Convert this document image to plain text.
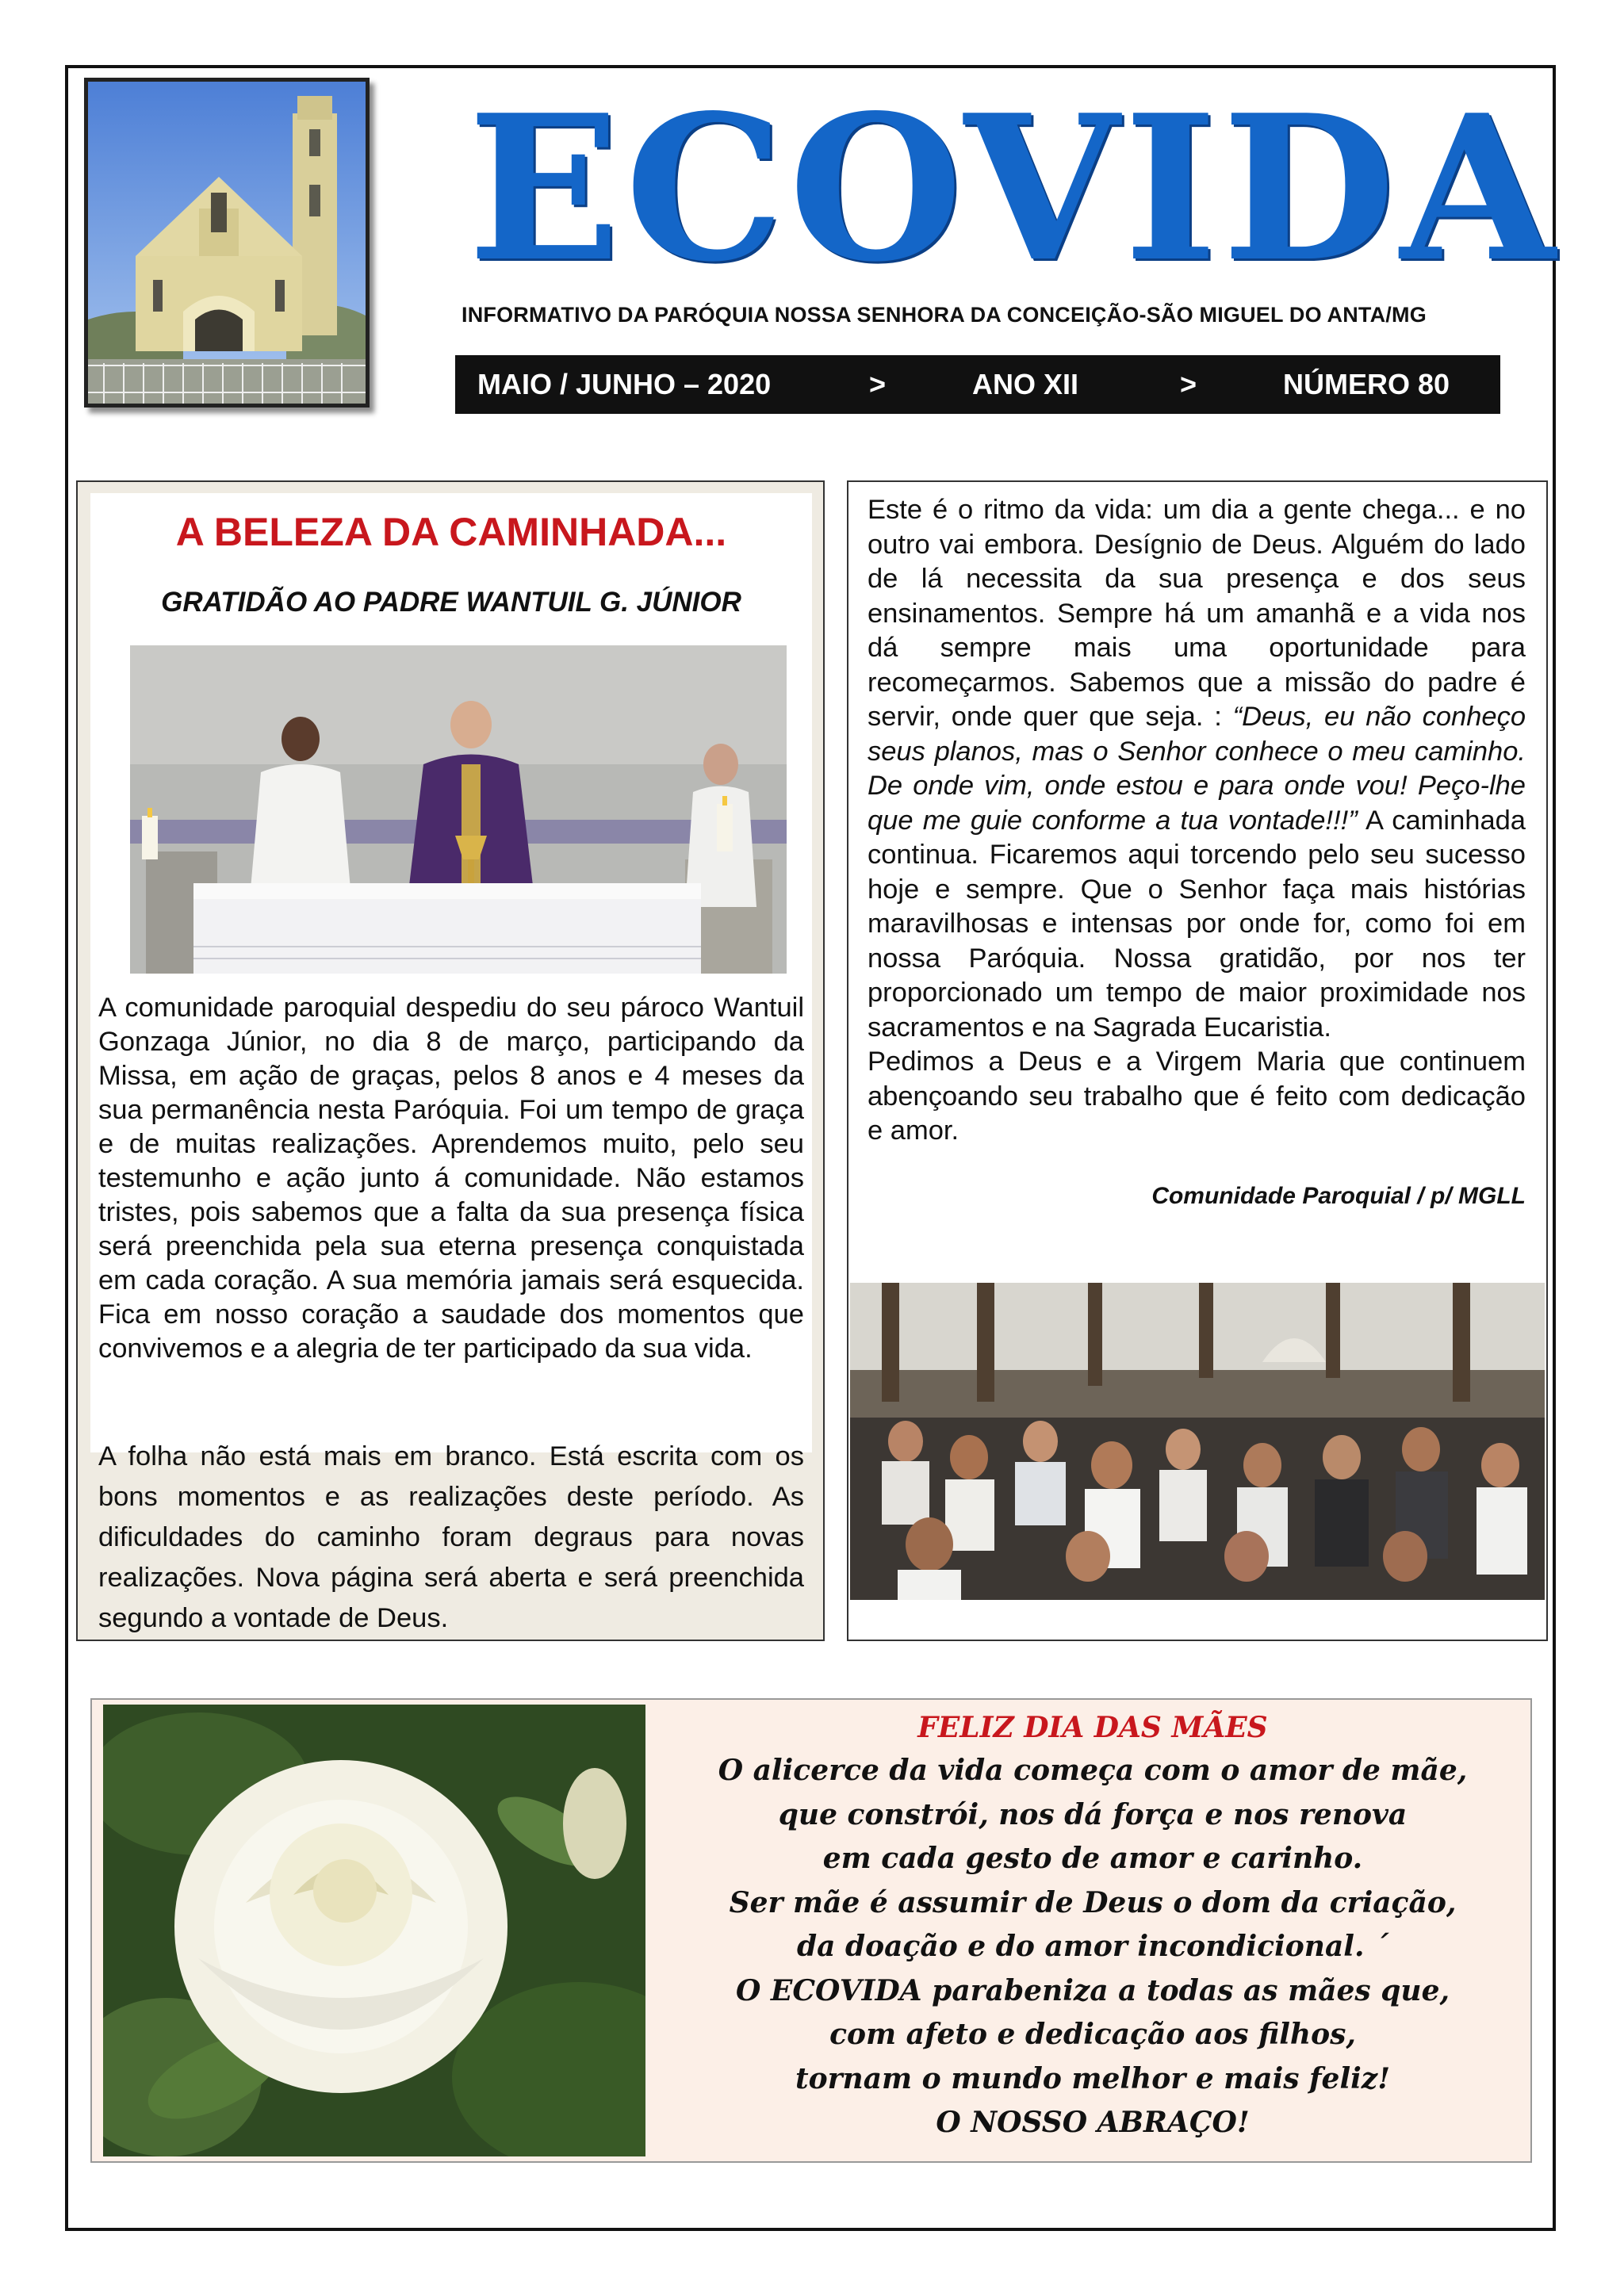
ECOVIDA
INFORMATIVO DA PARÓQUIA NOSSA SENHORA DA CONCEIÇÃO-SÃO MIGUEL DO ANTA/MG
MAIO / JUNHO – 2020	>	ANO XII	>	NÚMERO 80
A BELEZA DA CAMINHADA...
GRATIDÃO AO PADRE WANTUIL G. JÚNIOR

A comunidade paroquial despediu do seu pároco Wantuil Gonzaga Júnior, no dia 8 de março, participando da Missa, em ação de graças, pelos 8 anos e 4 meses da sua permanência nesta Paróquia. Foi um tempo de graça e de muitas realizações. Aprendemos muito, pelo seu testemunho e ação junto á comunidade. Não estamos tristes, pois sabemos que a falta da sua presença física será preenchida pela sua eterna presença conquistada em cada coração. A sua memória jamais será esquecida. Fica em nosso coração a saudade dos momentos que convivemos e a alegria de ter participado da sua vida.

A folha não está mais em branco. Está escrita com os bons momentos e as realizações deste período. As dificuldades do caminho foram degraus para novas realizações. Nova página será aberta e será preenchida segundo a vontade de Deus.

Este é o ritmo da vida: um dia a gente chega... e no outro vai embora. Desígnio de Deus. Alguém do lado de lá necessita da sua presença e dos seus ensinamentos. Sempre há um amanhã e a vida nos dá sempre mais uma oportunidade para recomeçarmos. Sabemos que a missão do padre é servir, onde quer que seja. : “Deus, eu não conheço seus planos, mas o Senhor conhece o meu caminho. De onde vim, onde estou e para onde vou! Peço-lhe que me guie conforme a tua vontade!!!” A caminhada continua. Ficaremos aqui torcendo pelo seu sucesso hoje e sempre. Que o Senhor faça mais histórias maravilhosas e intensas por onde for, como foi em nossa Paróquia. Nossa gratidão, por nos ter proporcionado um tempo de maior proximidade nos sacramentos e na Sagrada Eucaristia.
Pedimos a Deus e a Virgem Maria que continuem abençoando seu trabalho que é feito com dedicação e amor.

Comunidade Paroquial / p/ MGLL
FELIZ DIA DAS MÃES
O alicerce da vida começa com o amor de mãe,
que constrói, nos dá força e nos renova
em cada gesto de amor e carinho.
Ser mãe é assumir de Deus o dom da criação,
da doação e do amor incondicional. ´
O ECOVIDA parabeniza a todas as mães que,
com afeto e dedicação aos filhos,
tornam o mundo melhor e mais feliz!
O NOSSO ABRAÇO!
